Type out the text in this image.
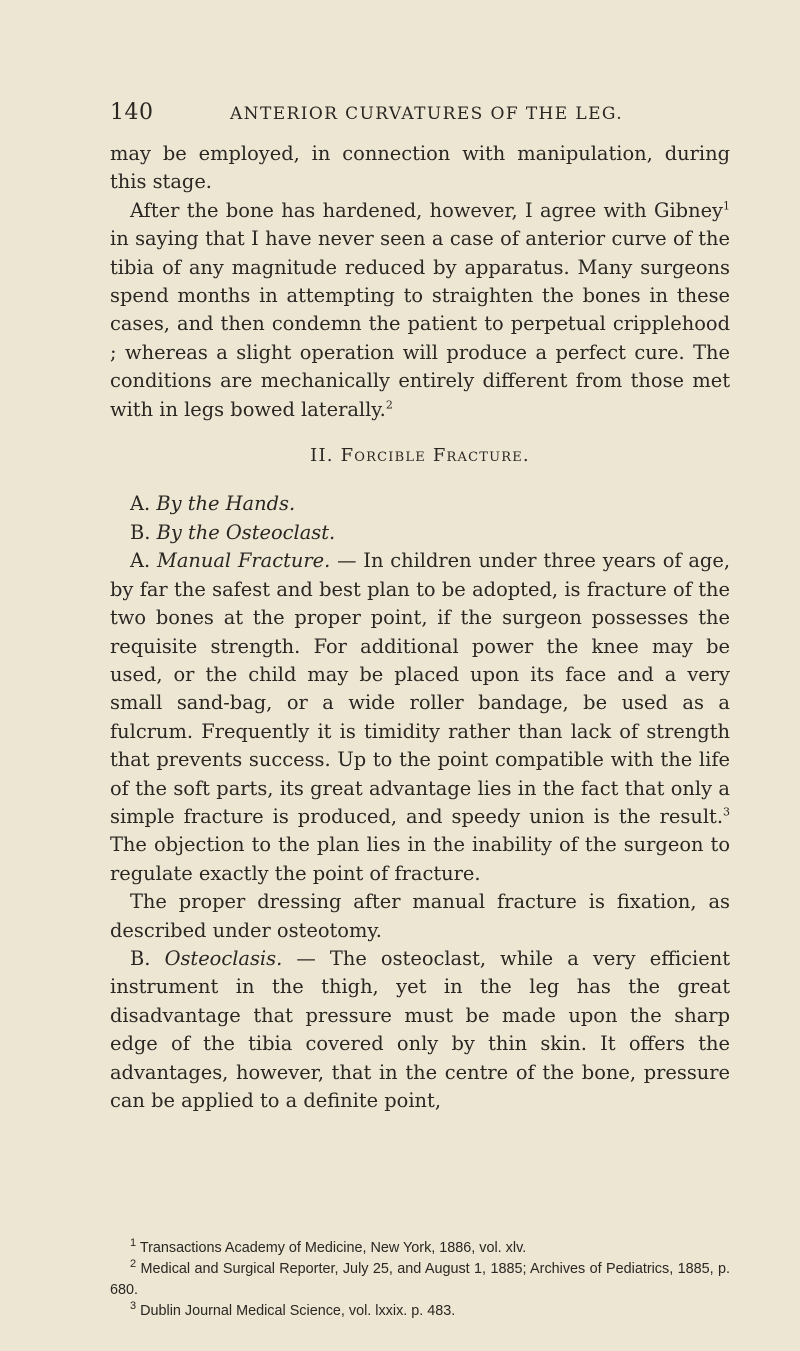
140	ANTERIOR CURVATURES OF THE LEG.

may be employed, in connection with manipulation, during this stage.

After the bone has hardened, however, I agree with Gibney$^1$ in saying that I have never seen a case of anterior curve of the tibia of any magnitude reduced by apparatus. Many surgeons spend months in attempting to straighten the bones in these cases, and then condemn the patient to perpetual cripplehood ; whereas a slight operation will produce a perfect cure. The conditions are mechanically entirely different from those met with in legs bowed laterally.$^2$

II. Forcible Fracture.

A. By the Hands.

B. By the Osteoclast.

A. Manual Fracture. — In children under three years of age, by far the safest and best plan to be adopted, is fracture of the two bones at the proper point, if the surgeon possesses the requisite strength. For additional power the knee may be used, or the child may be placed upon its face and a very small sand-bag, or a wide roller bandage, be used as a fulcrum. Frequently it is timidity rather than lack of strength that prevents success. Up to the point compatible with the life of the soft parts, its great advantage lies in the fact that only a simple fracture is produced, and speedy union is the result.$^3$ The objection to the plan lies in the inability of the surgeon to regulate exactly the point of fracture.

The proper dressing after manual fracture is fixation, as described under osteotomy.

B. Osteoclasis. — The osteoclast, while a very efficient instrument in the thigh, yet in the leg has the great disadvantage that pressure must be made upon the sharp edge of the tibia covered only by thin skin. It offers the advantages, however, that in the centre of the bone, pressure can be applied to a definite point,

$^1$ Transactions Academy of Medicine, New York, 1886, vol. xlv.

$^2$ Medical and Surgical Reporter, July 25, and August 1, 1885; Archives of Pediatrics, 1885, p. 680.

$^3$ Dublin Journal Medical Science, vol. lxxix. p. 483.
